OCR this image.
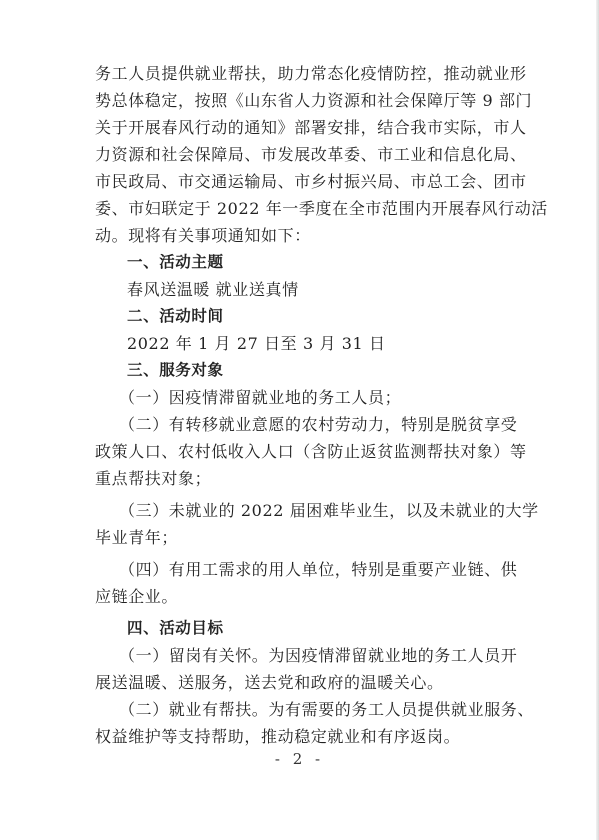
务工人员提供就业帮扶，助力常态化疫情防控，推动就业形
势总体稳定，按照《山东省人力资源和社会保障厅等 9 部门
关于开展春风行动的通知》部署安排，结合我市实际，市人
力资源和社会保障局、市发展改革委、市工业和信息化局、
市民政局、市交通运输局、市乡村振兴局、市总工会、团市
委、市妇联定于 2022 年一季度在全市范围内开展春风行动活
动。现将有关事项通知如下：
一、活动主题
春风送温暖 就业送真情
二、活动时间
2022 年 1 月 27 日至 3 月 31 日
三、服务对象
（一）因疫情滞留就业地的务工人员；
（二）有转移就业意愿的农村劳动力，特别是脱贫享受
政策人口、农村低收入人口（含防止返贫监测帮扶对象）等
重点帮扶对象；
（三）未就业的 2022 届困难毕业生，以及未就业的大学
毕业青年；
（四）有用工需求的用人单位，特别是重要产业链、供
应链企业。
四、活动目标
（一）留岗有关怀。为因疫情滞留就业地的务工人员开
展送温暖、送服务，送去党和政府的温暖关心。
（二）就业有帮扶。为有需要的务工人员提供就业服务、
权益维护等支持帮助，推动稳定就业和有序返岗。
- 2 -
